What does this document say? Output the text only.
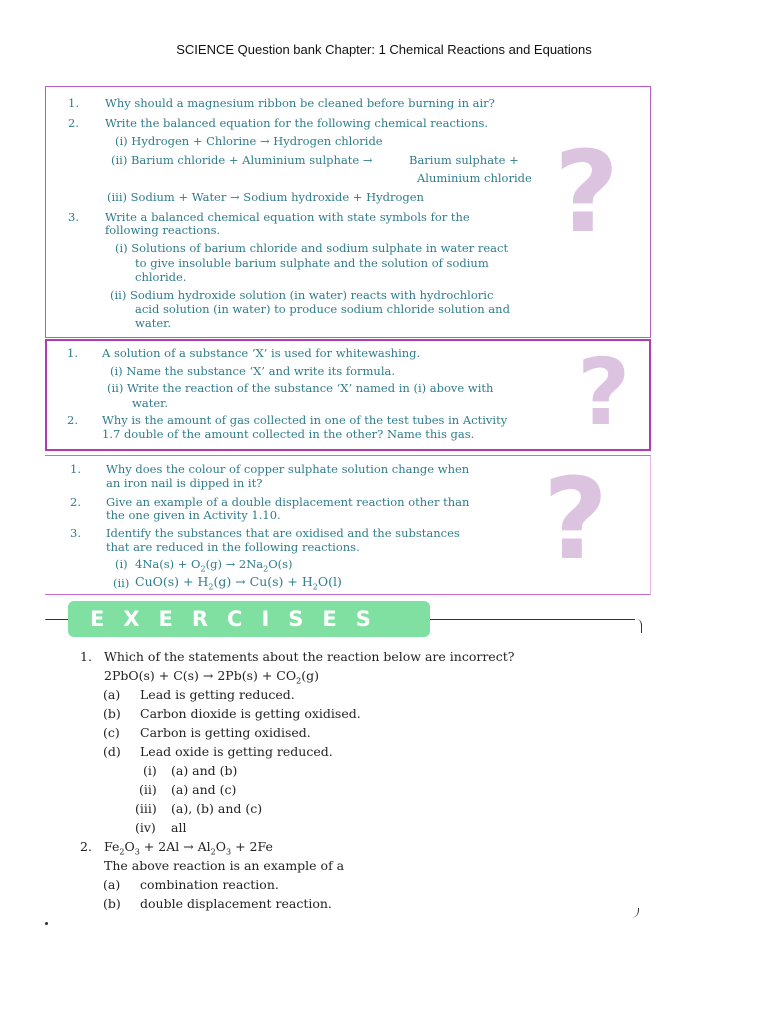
SCIENCE Question bank Chapter: 1 Chemical Reactions and Equations
?
1. Why should a magnesium ribbon be cleaned before burning in air?
2. Write the balanced equation for the following chemical reactions.
(i) Hydrogen + Chlorine → Hydrogen chloride
(ii) Barium chloride + Aluminium sulphate →	Barium sulphate +
Aluminium chloride
(iii) Sodium + Water → Sodium hydroxide + Hydrogen
3. Write a balanced chemical equation with state symbols for the
following reactions.
(i) Solutions of barium chloride and sodium sulphate in water react
to give insoluble barium sulphate and the solution of sodium
chloride.
(ii) Sodium hydroxide solution (in water) reacts with hydrochloric
acid solution (in water) to produce sodium chloride solution and
water.
?
1. A solution of a substance ‘X’ is used for whitewashing.
(i) Name the substance ‘X’ and write its formula.
(ii) Write the reaction of the substance ‘X’ named in (i) above with
water.
2. Why is the amount of gas collected in one of the test tubes in Activity
1.7 double of the amount collected in the other? Name this gas.
?
1. Why does the colour of copper sulphate solution change when
an iron nail is dipped in it?
2. Give an example of a double displacement reaction other than
the one given in Activity 1.10.
3. Identify the substances that are oxidised and the substances
that are reduced in the following reactions.
(i) $4Na(s) + O_2(g) \to 2Na_2O(s)$
(ii) $CuO(s) + H_2(g) \to Cu(s) + H_2O(l)$
EXERCISES
1. Which of the statements about the reaction below are incorrect?
$2PbO(s) + C(s) \to 2Pb(s) + CO_2(g)$
(a) Lead is getting reduced.
(b) Carbon dioxide is getting oxidised.
(c) Carbon is getting oxidised.
(d) Lead oxide is getting reduced.
(i) (a) and (b)
(ii) (a) and (c)
(iii) (a), (b) and (c)
(iv) all
2. $Fe_2O_3 + 2Al \to Al_2O_3 + 2Fe$
The above reaction is an example of a
(a) combination reaction.
(b) double displacement reaction.
